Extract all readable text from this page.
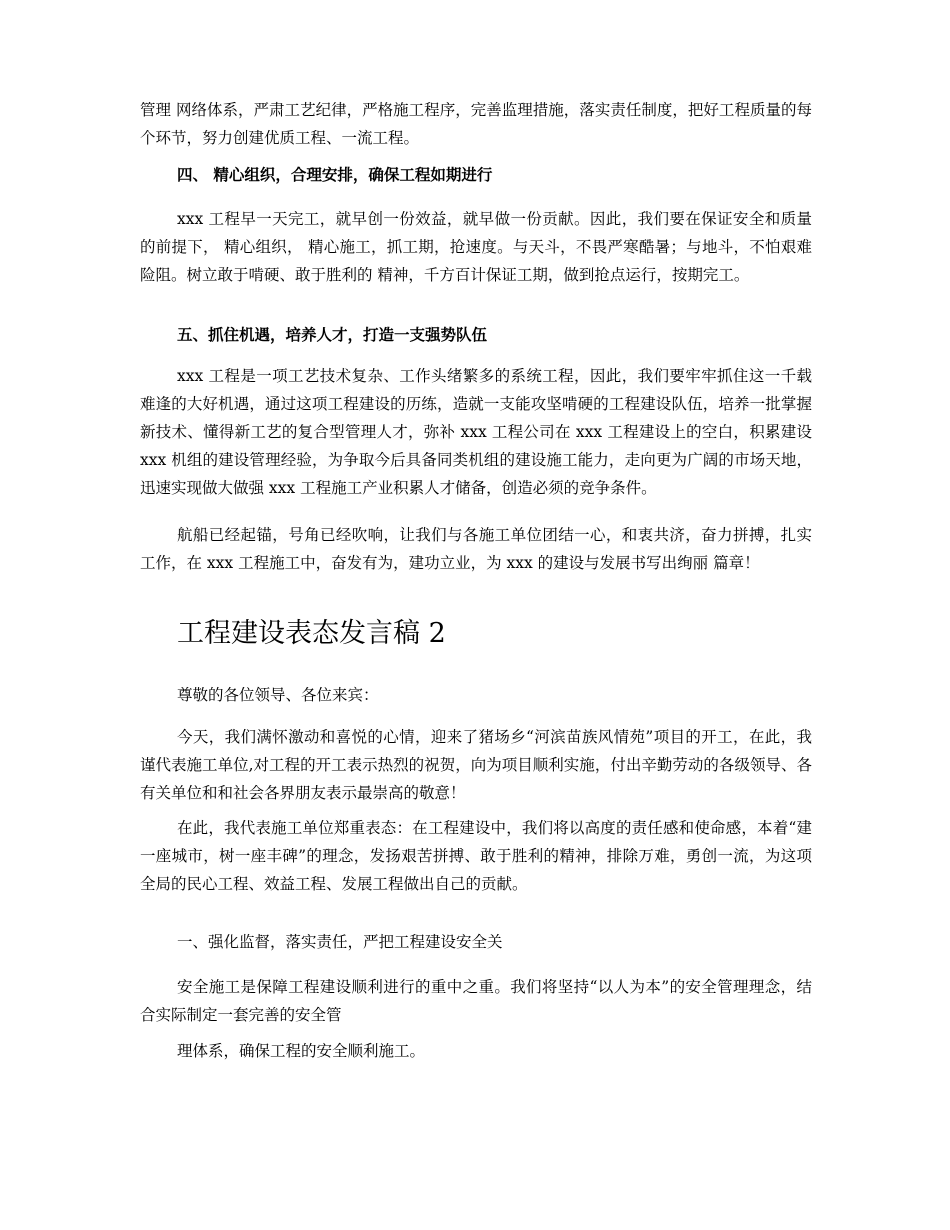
管理 网络体系，严肃工艺纪律，严格施工程序，完善监理措施，落实责任制度，把好工程质量的每个环节，努力创建优质工程、一流工程。

四、 精心组织，合理安排，确保工程如期进行

xxx 工程早一天完工，就早创一份效益，就早做一份贡献。因此，我们要在保证安全和质量的前提下， 精心组织， 精心施工，抓工期，抢速度。与天斗，不畏严寒酷暑；与地斗，不怕艰难险阻。树立敢于啃硬、敢于胜利的 精神，千方百计保证工期，做到抢点运行，按期完工。

五、抓住机遇，培养人才，打造一支强势队伍

xxx 工程是一项工艺技术复杂、工作头绪繁多的系统工程，因此，我们要牢牢抓住这一千载难逢的大好机遇，通过这项工程建设的历练，造就一支能攻坚啃硬的工程建设队伍，培养一批掌握新技术、懂得新工艺的复合型管理人才，弥补 xxx 工程公司在 xxx 工程建设上的空白，积累建设 xxx 机组的建设管理经验，为争取今后具备同类机组的建设施工能力，走向更为广阔的市场天地，迅速实现做大做强 xxx 工程施工产业积累人才储备，创造必须的竞争条件。

航船已经起锚，号角已经吹响，让我们与各施工单位团结一心，和衷共济，奋力拼搏，扎实工作，在 xxx 工程施工中，奋发有为，建功立业，为 xxx 的建设与发展书写出绚丽 篇章！

工程建设表态发言稿 2

尊敬的各位领导、各位来宾：

今天，我们满怀激动和喜悦的心情，迎来了猪场乡“河滨苗族风情苑”项目的开工，在此，我谨代表施工单位,对工程的开工表示热烈的祝贺，向为项目顺利实施，付出辛勤劳动的各级领导、各有关单位和和社会各界朋友表示最崇高的敬意！

在此，我代表施工单位郑重表态：在工程建设中，我们将以高度的责任感和使命感，本着“建一座城市，树一座丰碑”的理念，发扬艰苦拼搏、敢于胜利的精神，排除万难，勇创一流，为这项全局的民心工程、效益工程、发展工程做出自己的贡献。

一、强化监督，落实责任，严把工程建设安全关

安全施工是保障工程建设顺利进行的重中之重。我们将坚持“以人为本”的安全管理理念，结合实际制定一套完善的安全管

理体系，确保工程的安全顺利施工。
